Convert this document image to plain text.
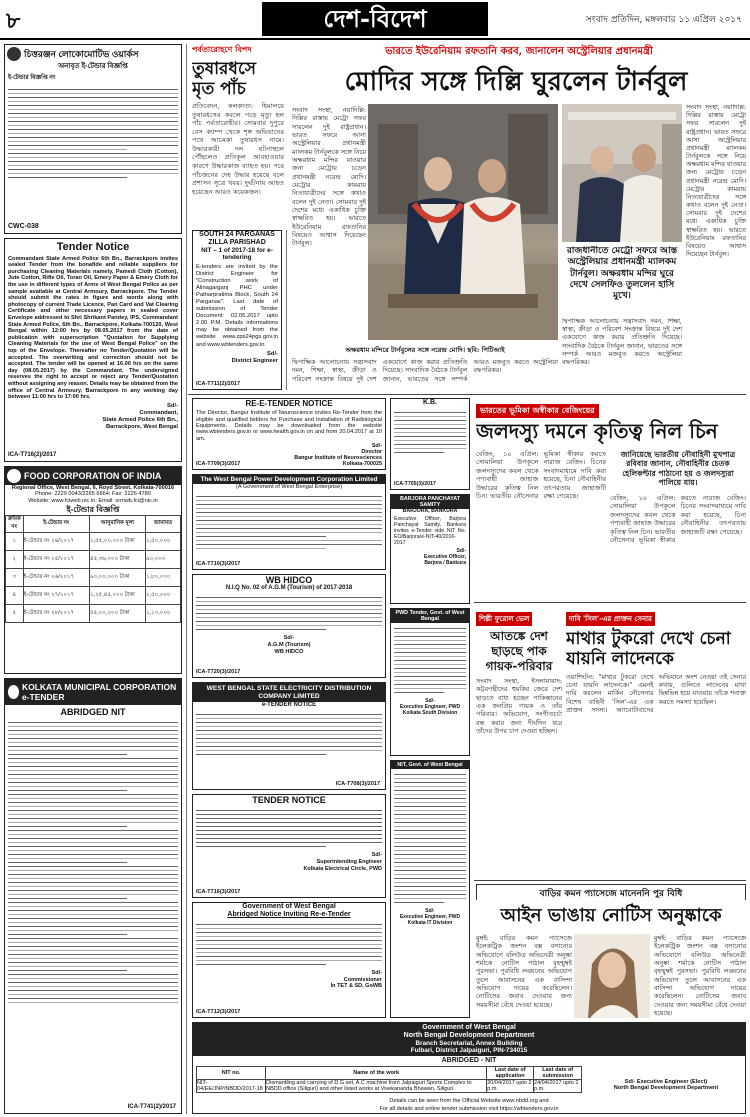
৮	দেশ-বিদেশ	সংবাদ প্রতিদিন, মঙ্গলবার ১১ এপ্রিল ২০১৭
চিত্তরঞ্জন লোকোমোটিভ ওয়ার্কস
অনাবৃত ই-টেন্ডার বিজ্ঞপ্তি
ই-টেন্ডার বিজ্ঞপ্তি নং
CWC-038
Tender Notice
Commandant State Armed Police 6th Bn., Barrackpore invites sealed Tender from the bonafide and reliable suppliers for purchasing Cleaning Materials namely, Pamedi Cloth (Cotton), Jute Cotton, Rifle Oil, Toran Oil, Emery Paper & Emery Cloth for the use in different types of Arms of West Bengal Police as per sample available at Central Armoury, Barrackpore. The Tender should submit the rates in figure and words along with photocopy of current Trade Licence, Pan Card and Vat Clearing Certificate and other necessary papers in sealed cover Envelope addressed to Shri Shrikant Pandey, IPS, Commandant State Armed Police, 6th Bn., Barrackpore, Kolkata-700120, West Bengal within 12:00 hrs by 08.05.2017 from the date of publication with superscription "Quotation for Supplying Cleaning Materials for the use of West Bengal Police" on the top of the Envelope. Thereafter no Tender/Quotation will be accepted. The overwriting and correction should not be accepted. The tender will be opened at 16.00 hrs on the same day (08.05.2017) by the Commandant. The undersigned reserves the right to accept or reject any Tender/Quotation without assigning any reason. Details may be obtained from the office of Central Armoury, Barrackpore in any working day between 11:00 hrs to 17:00 hrs.
Sd/-
Commandant,
State Armed Police 6th Bn.,
Barrackpore, West Bengal
ICA-T716(2)/2017
FOOD CORPORATION OF INDIA
Regional Office, West Bengal, 6, Royd Street, Kolkata-700016
Phone: 2229 0043/2265 6664; Fax: 2226 4780
Website: www.fciweb.nic.in; Email: srmwb.fci@nic.in
ই-টেন্ডার বিজ্ঞপ্তি
ক্রমিক নং	ই-টেন্ডার নং	আনুমানিক মূল্য	জামানত
১	ই-টেন্ডার নং ২৪/২০১৭	১,৫৫,০০,০০০ টাকা	১,৫০,০০০
২	ই-টেন্ডার নং ২৫/২০১৭	৪৫,৩৬,০০০ টাকা	৯০,০০০
৩	ই-টেন্ডার নং ২৬/২০১৭	৯০,০০,০০০ টাকা	১,৮০,০০০
৪	ই-টেন্ডার নং ২৭/২০১৭	১,২৫,৪৫,০০০ টাকা	২,৫০,০০০
৫	ই-টেন্ডার নং ২৮/২০১৭	৫৫,০০,০০০ টাকা	১,১০,০০০
KOLKATA MUNICIPAL CORPORATION e-TENDER
ABRIDGED NIT
ICA-T741(2)/2017
পর্বতারোহণে বিপদ
তুষারধসে মৃত পাঁচ
প্রতিবেদন, কলকাতা: হিমালয়ে তুষারধসের কবলে পড়ে মৃত্যু হল পাঁচ পর্বতারোহীর। সোমবার দুপুরে বেস ক্যাম্প থেকে শৃঙ্গ অভিযানের পথে আচমকা তুষারধস নামে। উদ্ধারকারী দল ঘটনাস্থলে পৌঁছলেও প্রতিকূল আবহাওয়ার কারণে উদ্ধারকাজ ব্যাহত হয়। পরে পাঁচজনের দেহ উদ্ধার হয়েছে বলে প্রশাসন সূত্রে খবর। দুর্ঘটনায় আহত হয়েছেন আরও কয়েকজন।
SOUTH 24 PARGANAS ZILLA PARISHAD
NIT – 1 of 2017-18 for e-tendering
E-tenders are invited by the District Engineer for "Construction work of Alinagarganj PHC under Patharpratima Block, South 24 Parganas". Last date of submission of Tender Document: 02.05.2017 upto 2.00 P.M. Details informations may be obtained from the website www.zps24pgs.gov.in and www.wbtenders.gov.in
Sd/-
District Engineer
ICA-T711(2)/2017
ভারতে ইউরেনিয়াম রফতানি করব, জানালেন অস্ট্রেলিয়ার প্রধানমন্ত্রী
মোদির সঙ্গে দিল্লি ঘুরলেন টার্নবুল
সংবাদ সংস্থা, নয়াদিল্লি: দিল্লির রাস্তায় মেট্রো সফর সারলেন দুই রাষ্ট্রপ্রধান। ভারত সফরে আসা অস্ট্রেলিয়ার প্রধানমন্ত্রী ম্যালকম টার্নবুলকে সঙ্গে নিয়ে অক্ষরধাম মন্দির যাওয়ার জন্য মেট্রোয় চড়েন প্রধানমন্ত্রী নরেন্দ্র মোদি। মেট্রোর কামরায় নিত্যযাত্রীদের সঙ্গে কথাও বলেন দুই নেতা। সোমবার দুই দেশের মধ্যে একাধিক চুক্তি স্বাক্ষরিত হয়। ভারতে ইউরেনিয়াম রফতানির বিষয়েও আশ্বাস দিয়েছেন টার্নবুল।
অক্ষরধাম মন্দিরে টার্নবুলের সঙ্গে নরেন্দ্র মোদি। ছবি: পিটিআই
দ্বিপাক্ষিক আলোচনায় সন্ত্রাসবাদ দমন, শিক্ষা, স্বাস্থ্য, ক্রীড়া ও পরিবেশ সংক্রান্ত বিষয়ে দুই দেশ একযোগে কাজ করার প্রতিশ্রুতি দিয়েছে। সাংবাদিক বৈঠকে টার্নবুল জানান, ভারতের সঙ্গে সম্পর্ক আরও মজবুত করতে অস্ট্রেলিয়া বদ্ধপরিকর।
সংবাদ সংস্থা, নয়াদিল্লি: দিল্লির রাস্তায় মেট্রো সফর সারলেন দুই রাষ্ট্রপ্রধান। ভারত সফরে আসা অস্ট্রেলিয়ার প্রধানমন্ত্রী ম্যালকম টার্নবুলকে সঙ্গে নিয়ে অক্ষরধাম মন্দির যাওয়ার জন্য মেট্রোয় চড়েন প্রধানমন্ত্রী নরেন্দ্র মোদি। মেট্রোর কামরায় নিত্যযাত্রীদের সঙ্গে কথাও বলেন দুই নেতা। সোমবার দুই দেশের মধ্যে একাধিক চুক্তি স্বাক্ষরিত হয়। ভারতে ইউরেনিয়াম রফতানির বিষয়েও আশ্বাস দিয়েছেন টার্নবুল।
রাজধানীতে মেট্রো সফরে আস্ত অস্ট্রেলিয়ার প্রধানমন্ত্রী ম্যালকম টার্নবুল। অক্ষরধাম মন্দির ঘুরে দেখে সেলফিও তুললেন হাসি মুখে।
দ্বিপাক্ষিক আলোচনায় সন্ত্রাসবাদ দমন, শিক্ষা, স্বাস্থ্য, ক্রীড়া ও পরিবেশ সংক্রান্ত বিষয়ে দুই দেশ একযোগে কাজ করার প্রতিশ্রুতি দিয়েছে। সাংবাদিক বৈঠকে টার্নবুল জানান, ভারতের সঙ্গে সম্পর্ক আরও মজবুত করতে অস্ট্রেলিয়া বদ্ধপরিকর।
RE-E-TENDER NOTICE
The Director, Bangur Institute of Neuroscience invites Re-Tender from the eligible and qualified bidders for Purchase and Installation of Radiological Equipments. Details may be downloaded from the website www.wbtenders.gov.in or www.health.gov.in on and from 20.04.2017 at 10 am.
Sd/-
Director
Bangur Institute of Neurosciences
Kolkata-700025
ICA-T709(3)/2017
The West Bengal Power Development Corporation Limited
(A Government of West Bengal Enterprise)
ICA-T710(3)/2017
WB HIDCO
N.I.Q No. 02 of A.G.M (Tourism) of 2017-2018
Sd/-
A.G.M (Tourism)
WB HIDCO
ICA-T720(3)/2017
WEST BENGAL STATE ELECTRICITY DISTRIBUTION COMPANY LIMITED
e-TENDER NOTICE
ICA-T708(3)/2017
TENDER NOTICE
Sd/-
Superintending Engineer
Kolkata Electrical Circle, PWD
ICA-T716(3)/2017
Government of West Bengal
Abridged Notice Inviting Re-e-Tender
Sd/-
Commissioner
In TET & SD, GoWB
ICA-T712(3)/2017
Government of West Bengal
North Bengal Development Department
Branch Secretariat, Annex Building
Fulbari, District Jalpaiguri, PIN-734015
ABRIDGED - NIT
NIT no.	Name of the work	Last date of application	Last date of submission
NIT-04/EE/JNP/NBDD/2017-18	Dismantling and carrying of D.G set, A.C machine from Jalpaiguri Sports Complex to NBDD office (Siliguri) and other listed works at Vivekananda Bhawan, Siliguri.	20/04/2017 upto 2 p.m.	24/04/2017 upto 2 p.m.
Sd/- Executive Engineer (Elect)
North Bengal Development Department
Details can be seen from the Official Website www.nbdd.org and
For all details and online tender submission visit https://wbtenders.gov.in
K.B.
ICA-T705(3)/2017
BARJORA PANCHAYAT SAMITY
BARJORA, BANKURA
Executive Officer, Barjora Panchayat Samity, Bankura invites e-Tender vide NIT No. EO/Barjora/e-NIT-40/2016-2017
Sd/-
Executive Officer,
Barjora / Bankura
PWD Tender, Govt. of West Bengal
Sd/-
Executive Engineer, PWD
Kolkata South Division
NIT, Govt. of West Bengal
Sd/-
Executive Engineer, PWD
Kolkata IT Division
ভারতের ভূমিকা অস্বীকার বেজিংয়ের
জলদস্যু দমনে কৃতিত্ব নিল চিন
বেজিং, ১০ এপ্রিল: সোমালিয়া উপকূলে জলদস্যুদের কবল থেকে পণ্যবাহী জাহাজ উদ্ধারের কৃতিত্ব নিল চিন। ভারতীয় নৌসেনার ভূমিকা স্বীকার করতে নারাজ বেজিং। চিনের সংবাদমাধ্যমে দাবি করা হয়েছে, চিনা নৌবাহিনীর তৎপরতায় জাহাজটি রক্ষা পেয়েছে।
জানিয়েছে ভারতীয় নৌবাহিনী মুখপাত্র রবিবার জানান, নৌবাহিনীর চেতক হেলিকপ্টার পাঠানো হয় ও জলদস্যুরা পালিয়ে যায়।
বেজিং, ১০ এপ্রিল: সোমালিয়া উপকূলে জলদস্যুদের কবল থেকে পণ্যবাহী জাহাজ উদ্ধারের কৃতিত্ব নিল চিন। ভারতীয় নৌসেনার ভূমিকা স্বীকার করতে নারাজ বেজিং। চিনের সংবাদমাধ্যমে দাবি করা হয়েছে, চিনা নৌবাহিনীর তৎপরতায় জাহাজটি রক্ষা পেয়েছে।
শিল্পী ফুরোল ভেল
আতঙ্কে দেশ ছাড়ছে পাক গায়ক-পরিবার
সংবাদ সংস্থা, ইসলামাবাদ: কট্টরপন্থীদের হুমকির জেরে দেশ ছাড়তে বাধ্য হচ্ছেন পাকিস্তানের এক জনপ্রিয় গায়ক ও তাঁর পরিবার। অভিযোগ, সংগীতচর্চা বন্ধ করার জন্য দীর্ঘদিন ধরে তাঁদের উপর চাপ দেওয়া হচ্ছিল।
দাবি 'সিল'-এর প্রাক্তন সেনার
মাথার টুকরো দেখে চেনা যায়নি লাদেনকে
ওয়াশিংটন: "মাথার টুকরো দেখে চেনা যায়নি লাদেনকে।" এমনই দাবি করলেন মার্কিন নৌসেনার বিশেষ বাহিনী 'সিল'-এর এক প্রাক্তন সদস্য। অ্যাবোটাবাদের অভিযানে অংশ নেওয়া ওই সেনার কথায়, গুলিতে লাদেনের মাথা ছিন্নভিন্ন হয়ে যাওয়ায় তাঁকে শনাক্ত করতে সমস্যা হয়েছিল।
বাড়ির কমন প্যাসেজে মানেননি পুর বিধি
আইন ভাঙায় নোটিস অনুষ্কাকে
মুম্বই: বাড়ির কমন প্যাসেজে ইলেকট্রিক জংশন বক্স বসানোর অভিযোগে বলিউড অভিনেত্রী অনুষ্কা শর্মাকে নোটিস পাঠাল বৃহন্মুম্বই পুরসভা। পুরবিধি লঙ্ঘনের অভিযোগ তুলে আবাসনের এক বাসিন্দা অভিযোগ দায়ের করেছিলেন। নোটিসের জবাব দেওয়ার জন্য সময়সীমা বেঁধে দেওয়া হয়েছে।
মুম্বই: বাড়ির কমন প্যাসেজে ইলেকট্রিক জংশন বক্স বসানোর অভিযোগে বলিউড অভিনেত্রী অনুষ্কা শর্মাকে নোটিস পাঠাল বৃহন্মুম্বই পুরসভা। পুরবিধি লঙ্ঘনের অভিযোগ তুলে আবাসনের এক বাসিন্দা অভিযোগ দায়ের করেছিলেন। নোটিসের জবাব দেওয়ার জন্য সময়সীমা বেঁধে দেওয়া হয়েছে।
